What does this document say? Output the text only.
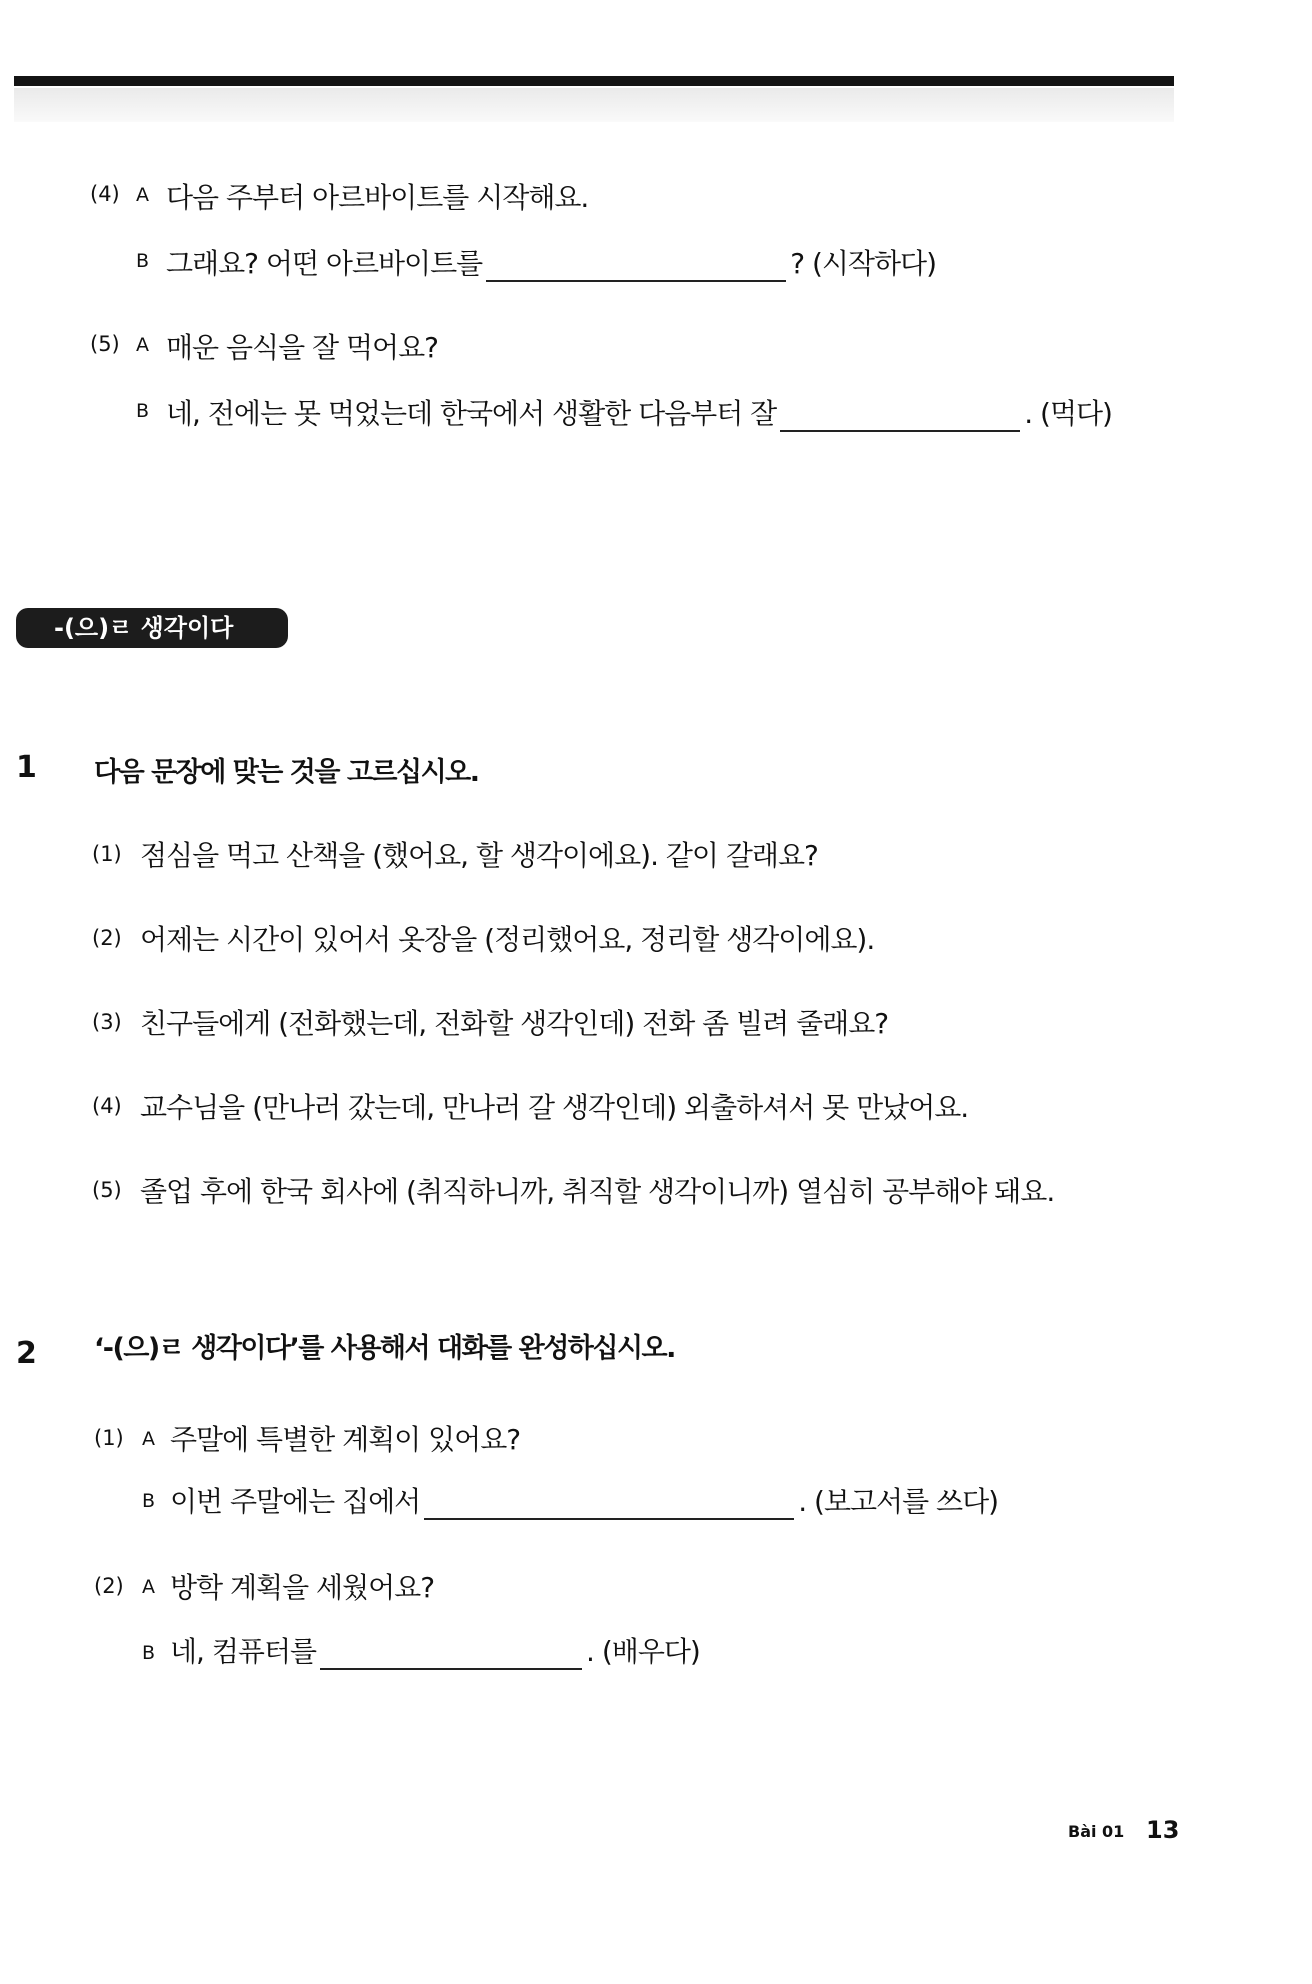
(4) A 다음 주부터 아르바이트를 시작해요.
B 그래요? 어떤 아르바이트를	? (시작하다)
(5) A 매운 음식을 잘 먹어요?
B 네, 전에는 못 먹었는데 한국에서 생활한 다음부터 잘	. (먹다)
-(으)ㄹ 생각이다
1 다음 문장에 맞는 것을 고르십시오.
(1) 점심을 먹고 산책을 (했어요, 할 생각이에요). 같이 갈래요?
(2) 어제는 시간이 있어서 옷장을 (정리했어요, 정리할 생각이에요).
(3) 친구들에게 (전화했는데, 전화할 생각인데) 전화 좀 빌려 줄래요?
(4) 교수님을 (만나러 갔는데, 만나러 갈 생각인데) 외출하셔서 못 만났어요.
(5) 졸업 후에 한국 회사에 (취직하니까, 취직할 생각이니까) 열심히 공부해야 돼요.
2 ‘-(으)ㄹ 생각이다’를 사용해서 대화를 완성하십시오.
(1) A 주말에 특별한 계획이 있어요?
B 이번 주말에는 집에서	. (보고서를 쓰다)
(2) A 방학 계획을 세웠어요?
B 네, 컴퓨터를	. (배우다)
Bài 01 13
